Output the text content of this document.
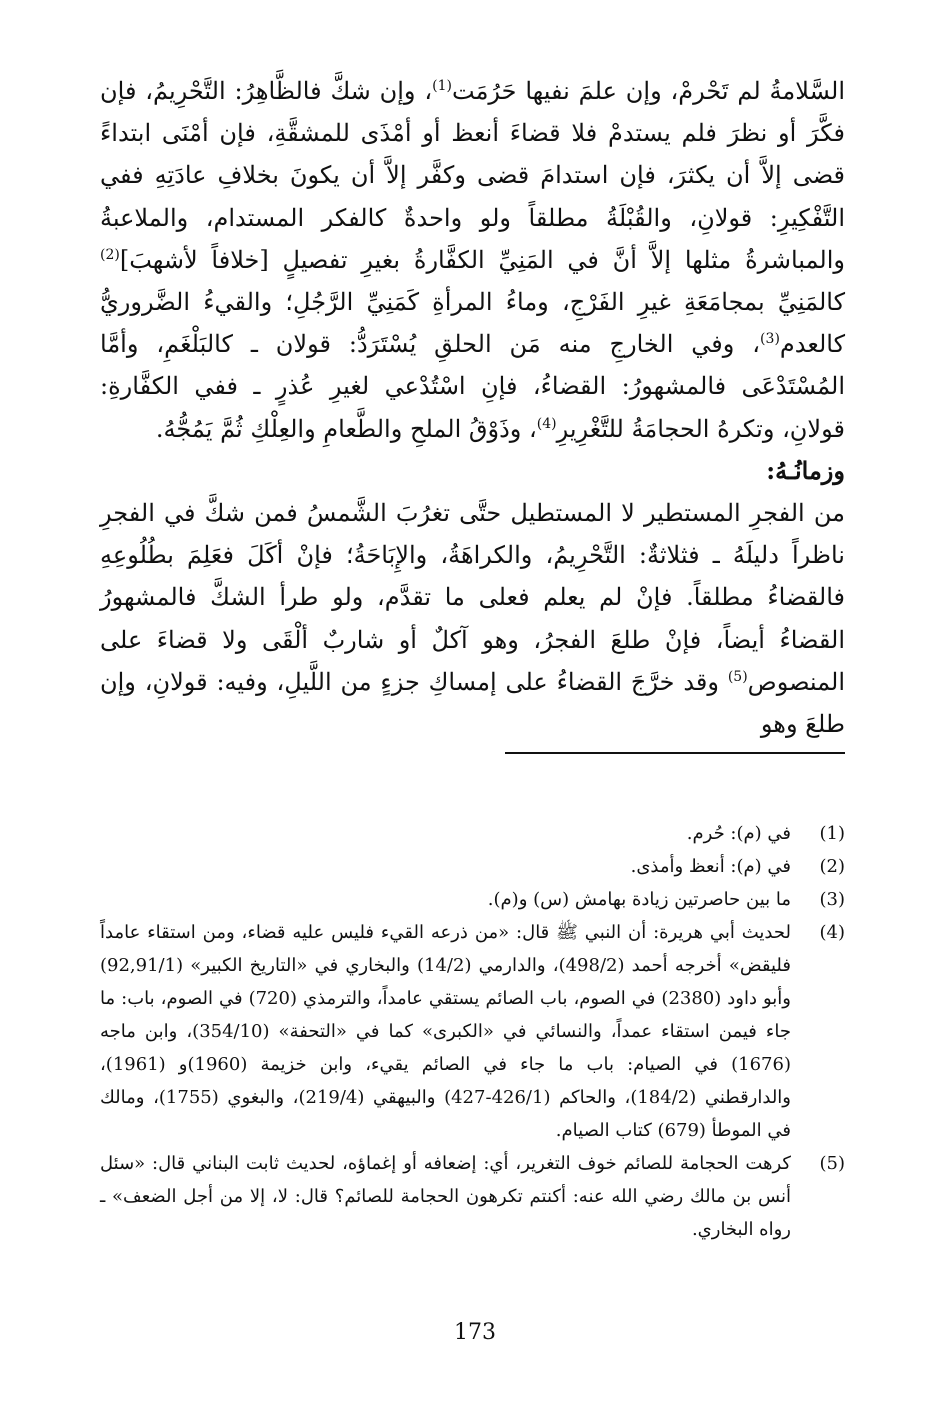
السَّلامةُ لم تَحْرمْ، وإن علمَ نفيها حَرُمَت$^{(1)}$، وإن شكَّ فالظَّاهِرُ: التَّحْرِيمُ، فإن فكَّرَ أو نظرَ فلم يستدمْ فلا قضاءَ أنعظ أو أمْذَى للمشقَّةِ، فإن أمْنَى ابتداءً قضى إلاَّ أن يكثرَ، فإن استدامَ قضى وكفَّر إلاَّ أن يكونَ بخلافِ عادَتِهِ ففي التَّفْكِيرِ: قولانِ، والقُبْلَةُ مطلقاً ولو واحدةٌ كالفكر المستدام، والملاعبةُ والمباشرةُ مثلها إلاَّ أنَّ في المَنِيِّ الكفَّارةُ بغيرِ تفصيلٍ [خلافاً لأشهبَ]$^{(2)}$ كالمَنِيِّ بمجامَعَةِ غيرِ الفَرْجِ، وماءُ المرأةِ كَمَنِيِّ الرَّجُلِ؛ والقيءُ الضَّروريُّ كالعدم$^{(3)}$، وفي الخارجِ منه مَن الحلقِ يُسْتَرَدُّ: قولان ـ كالبَلْغَمِ، وأمَّا المُسْتَدْعَى فالمشهورُ: القضاءُ، فإنِ اسْتُدْعي لغيرِ عُذرٍ ـ ففي الكفَّارةِ: قولانِ، وتكرهُ الحجامَةُ للتَّغْرِيرِ$^{(4)}$، وذَوْقُ الملحِ والطَّعامِ والعِلْكِ ثُمَّ يَمُجُّهُ.

وزمانُـهُ:

من الفجرِ المستطير لا المستطيل حتَّى تغرُبَ الشَّمسُ فمن شكَّ في الفجرِ ناظراً دليلَهُ ـ فثلاثةٌ: التَّحْرِيمُ، والكراهَةُ، والإِبَاحَةُ؛ فإنْ أكَلَ فعَلِمَ بطُلُوعِهِ فالقضاءُ مطلقاً. فإنْ لم يعلم فعلى ما تقدَّم، ولو طرأ الشكَّ فالمشهورُ القضاءُ أيضاً، فإنْ طلعَ الفجرُ، وهو آكلٌ أو شاربٌ ألْقَى ولا قضاءَ على المنصوص$^{(5)}$ وقد خرَّجَ القضاءُ على إمساكِ جزءٍ من اللَّيلِ، وفيه: قولانِ، وإن طلعَ وهو

(1)
في (م): حُرم.
(2)
في (م): أنعظ وأمذى.
(3)
ما بين حاصرتين زيادة بهامش (س) و(م).
(4)
لحديث أبي هريرة: أن النبي ﷺ قال: «من ذرعه القيء فليس عليه قضاء، ومن استقاء عامداً فليقض» أخرجه أحمد (498/2)، والدارمي (14/2) والبخاري في «التاريخ الكبير» (92,91/1) وأبو داود (2380) في الصوم، باب الصائم يستقي عامداً، والترمذي (720) في الصوم، باب: ما جاء فيمن استقاء عمداً، والنسائي في «الكبرى» كما في «التحفة» (354/10)، وابن ماجه (1676) في الصيام: باب ما جاء في الصائم يقيء، وابن خزيمة (1960)و (1961)، والدارقطني (184/2)، والحاكم (426/1-427) والبيهقي (219/4)، والبغوي (1755)، ومالك في الموطأ (679) كتاب الصيام.
(5)
كرهت الحجامة للصائم خوف التغرير، أي: إضعافه أو إغماؤه، لحديث ثابت البناني قال: «سئل أنس بن مالك رضي الله عنه: أكنتم تكرهون الحجامة للصائم؟ قال: لا، إلا من أجل الضعف» ـ رواه البخاري.
173
